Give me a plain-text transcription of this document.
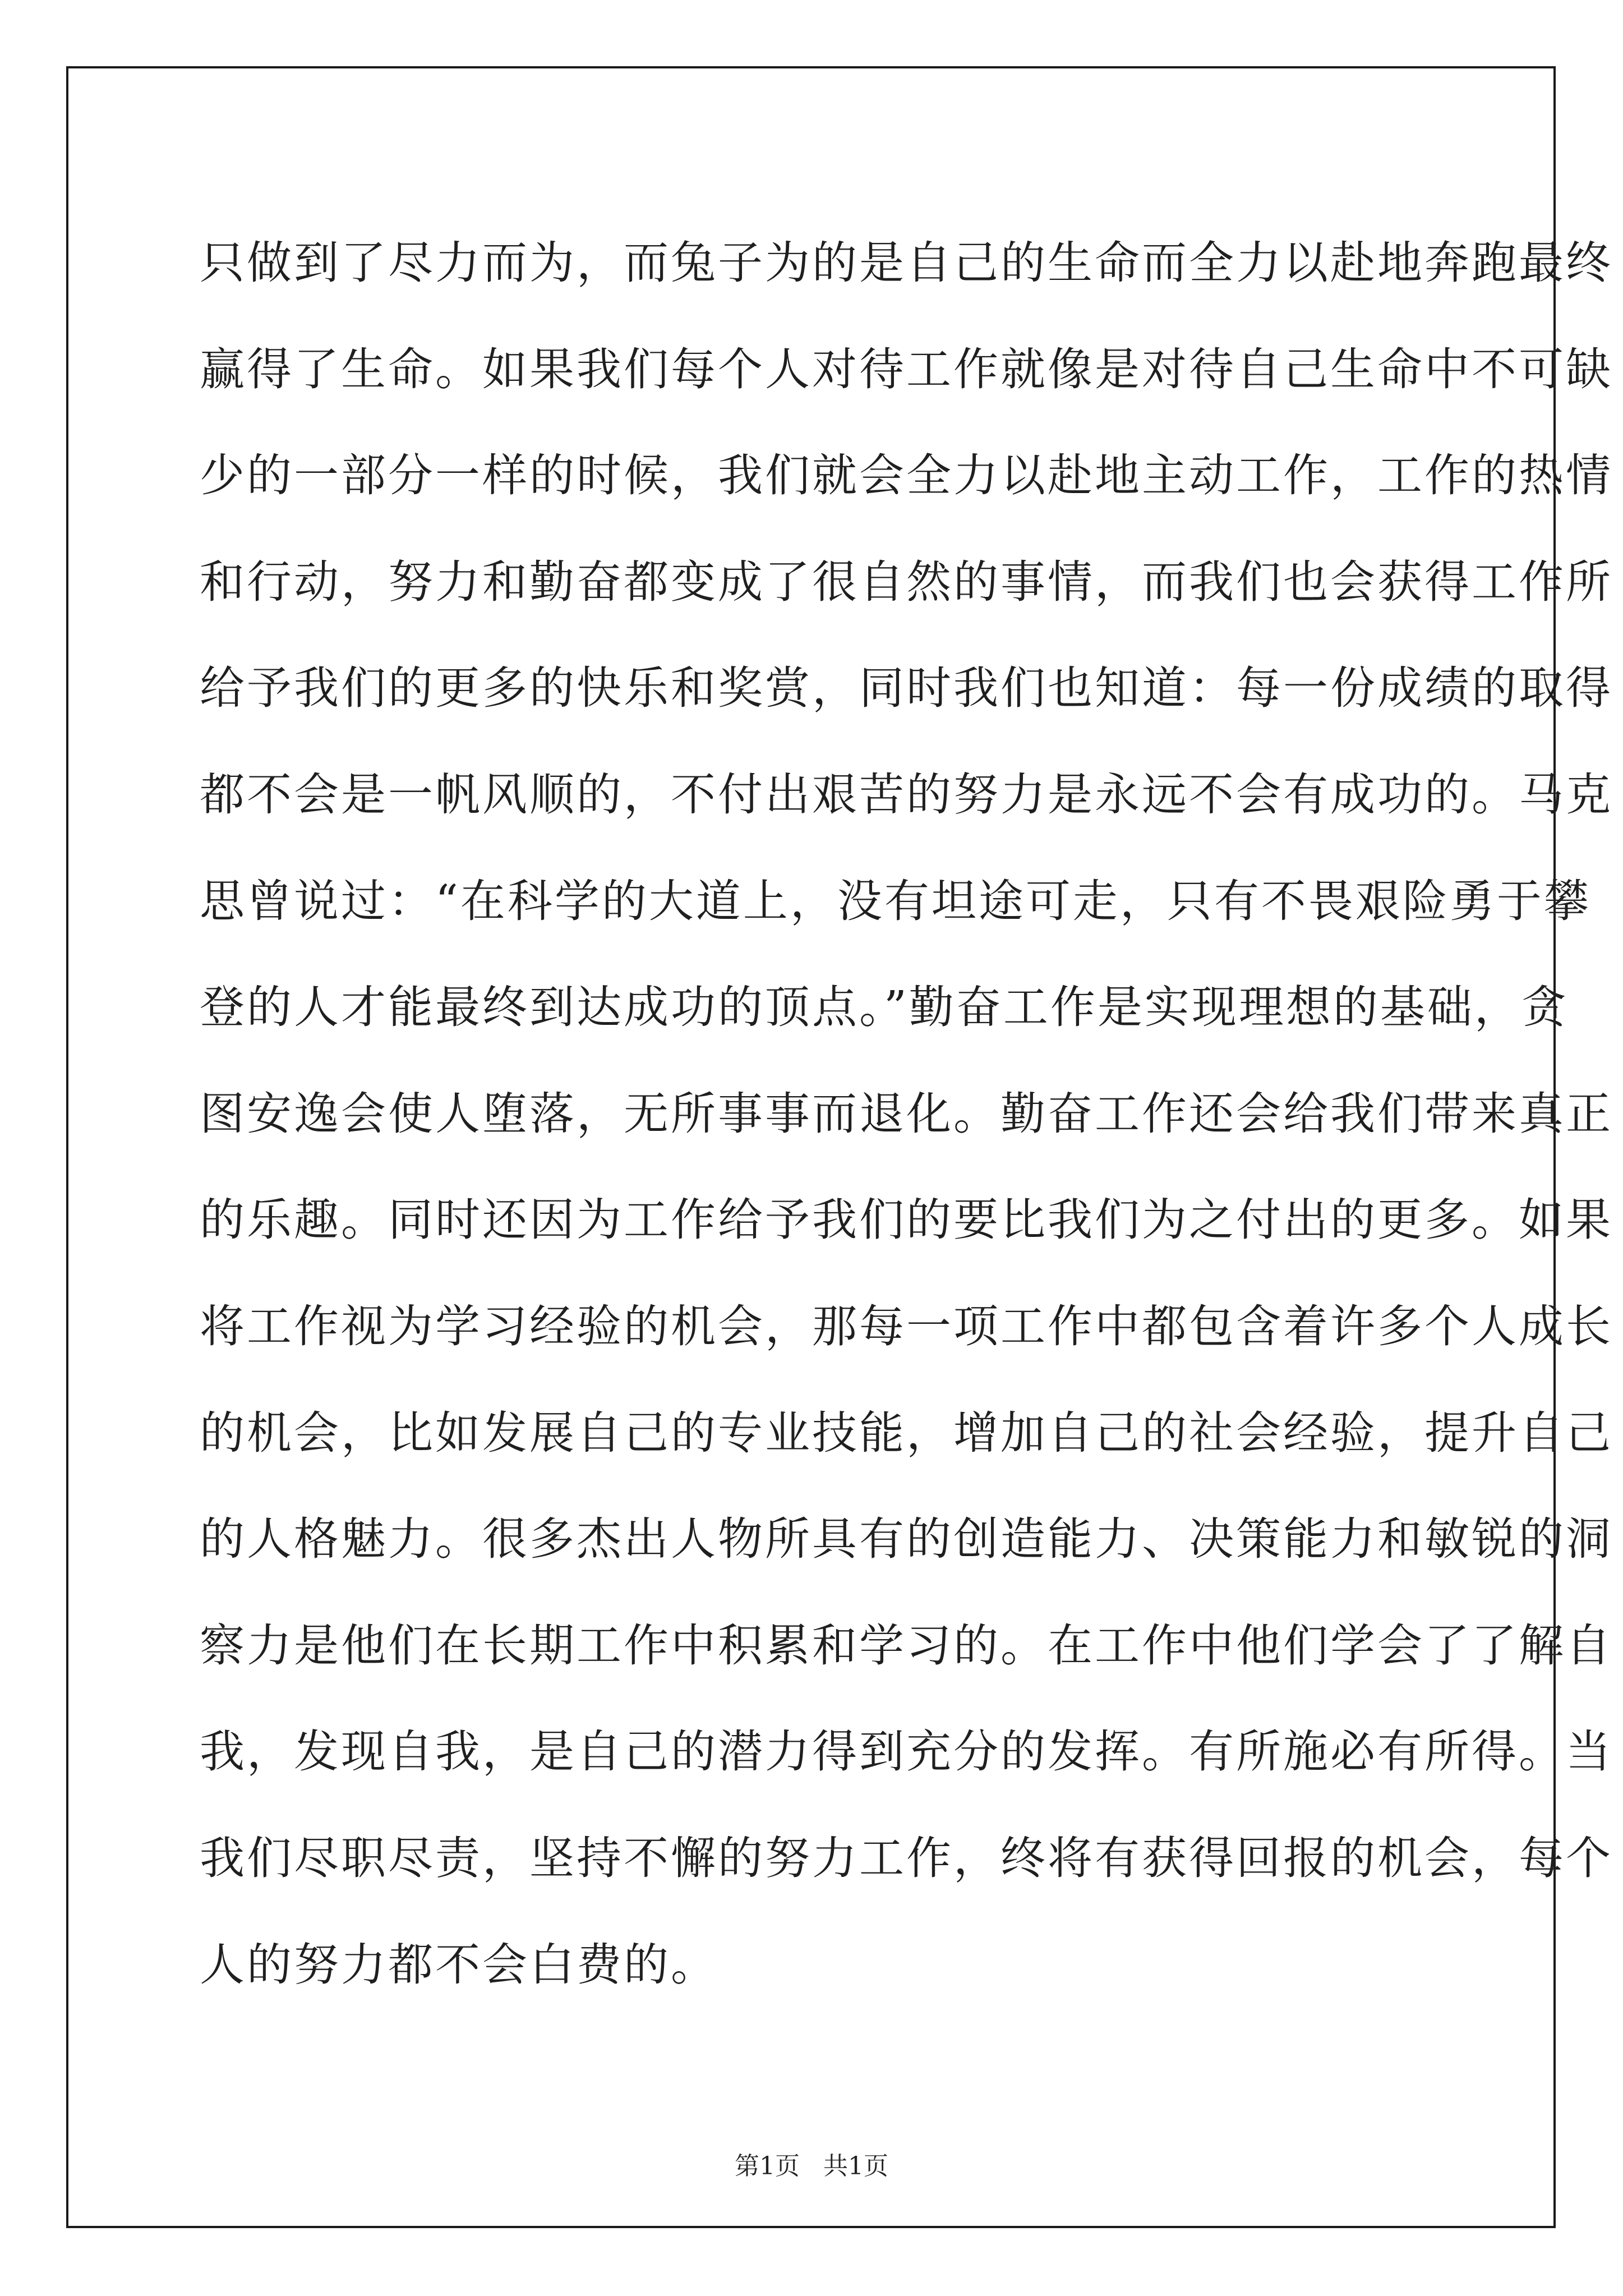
只做到了尽力而为，而兔子为的是自己的生命而全力以赴地奔跑最终
赢得了生命。如果我们每个人对待工作就像是对待自己生命中不可缺
少的一部分一样的时候，我们就会全力以赴地主动工作，工作的热情
和行动，努力和勤奋都变成了很自然的事情，而我们也会获得工作所
给予我们的更多的快乐和奖赏，同时我们也知道：每一份成绩的取得
都不会是一帆风顺的，不付出艰苦的努力是永远不会有成功的。马克
思曾说过：“在科学的大道上，没有坦途可走，只有不畏艰险勇于攀
登的人才能最终到达成功的顶点。”勤奋工作是实现理想的基础，贪
图安逸会使人堕落，无所事事而退化。勤奋工作还会给我们带来真正
的乐趣。同时还因为工作给予我们的要比我们为之付出的更多。如果
将工作视为学习经验的机会，那每一项工作中都包含着许多个人成长
的机会，比如发展自己的专业技能，增加自己的社会经验，提升自己
的人格魅力。很多杰出人物所具有的创造能力、决策能力和敏锐的洞
察力是他们在长期工作中积累和学习的。在工作中他们学会了了解自
我，发现自我，是自己的潜力得到充分的发挥。有所施必有所得。当
我们尽职尽责，坚持不懈的努力工作，终将有获得回报的机会，每个
人的努力都不会白费的。
第1页   共1页
